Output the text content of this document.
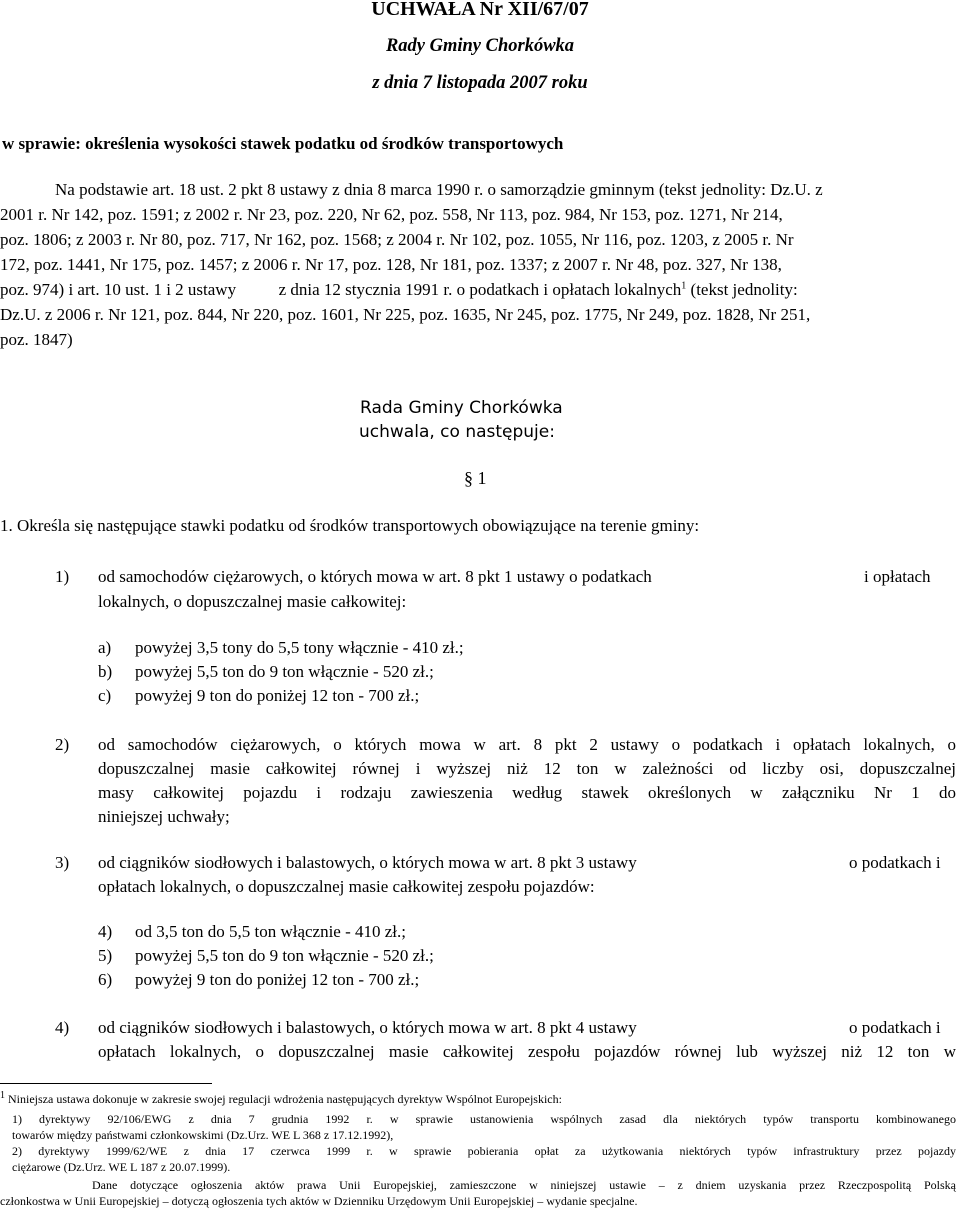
UCHWAŁA Nr XII/67/07
Rady Gminy Chorkówka
z dnia 7 listopada 2007 roku
w sprawie: określenia wysokości stawek podatku od środków transportowych
Na podstawie art. 18 ust. 2 pkt 8 ustawy z dnia 8 marca 1990 r. o samorządzie gminnym (tekst jednolity: Dz.U. z
2001 r. Nr 142, poz. 1591; z 2002 r. Nr 23, poz. 220, Nr 62, poz. 558, Nr 113, poz. 984, Nr 153, poz. 1271, Nr 214,
poz. 1806; z 2003 r. Nr 80, poz. 717, Nr 162, poz. 1568; z 2004 r. Nr 102, poz. 1055, Nr 116, poz. 1203, z 2005 r. Nr
172, poz. 1441, Nr 175, poz. 1457; z 2006 r. Nr 17, poz. 128, Nr 181, poz. 1337; z 2007 r. Nr 48, poz. 327, Nr 138,
poz. 974) i art. 10 ust. 1 i 2 ustawy          z dnia 12 stycznia 1991 r. o podatkach i opłatach lokalnych$^1$ (tekst jednolity:
Dz.U. z 2006 r. Nr 121, poz. 844, Nr 220, poz. 1601, Nr 225, poz. 1635, Nr 245, poz. 1775, Nr 249, poz. 1828, Nr 251,
poz. 1847)
Rada Gminy Chorkówka
uchwala, co następuje:
§ 1
1. Określa się następujące stawki podatku od środków transportowych obowiązujące na terenie gminy:
1) od samochodów ciężarowych, o których mowa w art. 8 pkt 1 ustawy o podatkach	i opłatach
lokalnych, o dopuszczalnej masie całkowitej:
a) powyżej 3,5 tony do 5,5 tony włącznie - 410 zł.;
b) powyżej 5,5 ton do 9 ton włącznie - 520 zł.;
c) powyżej 9 ton do poniżej 12 ton - 700 zł.;
2) od samochodów ciężarowych, o których mowa w art. 8 pkt 2 ustawy o podatkach i opłatach lokalnych, o
dopuszczalnej masie całkowitej równej i wyższej niż 12 ton w zależności od liczby osi, dopuszczalnej
masy całkowitej pojazdu i rodzaju zawieszenia według stawek określonych w załączniku Nr 1 do
niniejszej uchwały;
3) od ciągników siodłowych i balastowych, o których mowa w art. 8 pkt 3 ustawy	o podatkach i
opłatach lokalnych, o dopuszczalnej masie całkowitej zespołu pojazdów:
4) od 3,5 ton do 5,5 ton włącznie - 410 zł.;
5) powyżej 5,5 ton do 9 ton włącznie - 520 zł.;
6) powyżej 9 ton do poniżej 12 ton - 700 zł.;
4) od ciągników siodłowych i balastowych, o których mowa w art. 8 pkt 4 ustawy	o podatkach i
opłatach lokalnych, o dopuszczalnej masie całkowitej zespołu pojazdów równej lub wyższej niż 12 ton w
$^1$ Niniejsza ustawa dokonuje w zakresie swojej regulacji wdrożenia następujących dyrektyw Wspólnot Europejskich:
1) dyrektywy 92/106/EWG z dnia 7 grudnia 1992 r. w sprawie ustanowienia wspólnych zasad dla niektórych typów transportu kombinowanego
towarów między państwami członkowskimi (Dz.Urz. WE L 368 z 17.12.1992),
2) dyrektywy 1999/62/WE z dnia 17 czerwca 1999 r. w sprawie pobierania opłat za użytkowania niektórych typów infrastruktury przez pojazdy
ciężarowe (Dz.Urz. WE L 187 z 20.07.1999).
Dane dotyczące ogłoszenia aktów prawa Unii Europejskiej, zamieszczone w niniejszej ustawie – z dniem uzyskania przez Rzeczpospolitą Polską
członkostwa w Unii Europejskiej – dotyczą ogłoszenia tych aktów w Dzienniku Urzędowym Unii Europejskiej – wydanie specjalne.
